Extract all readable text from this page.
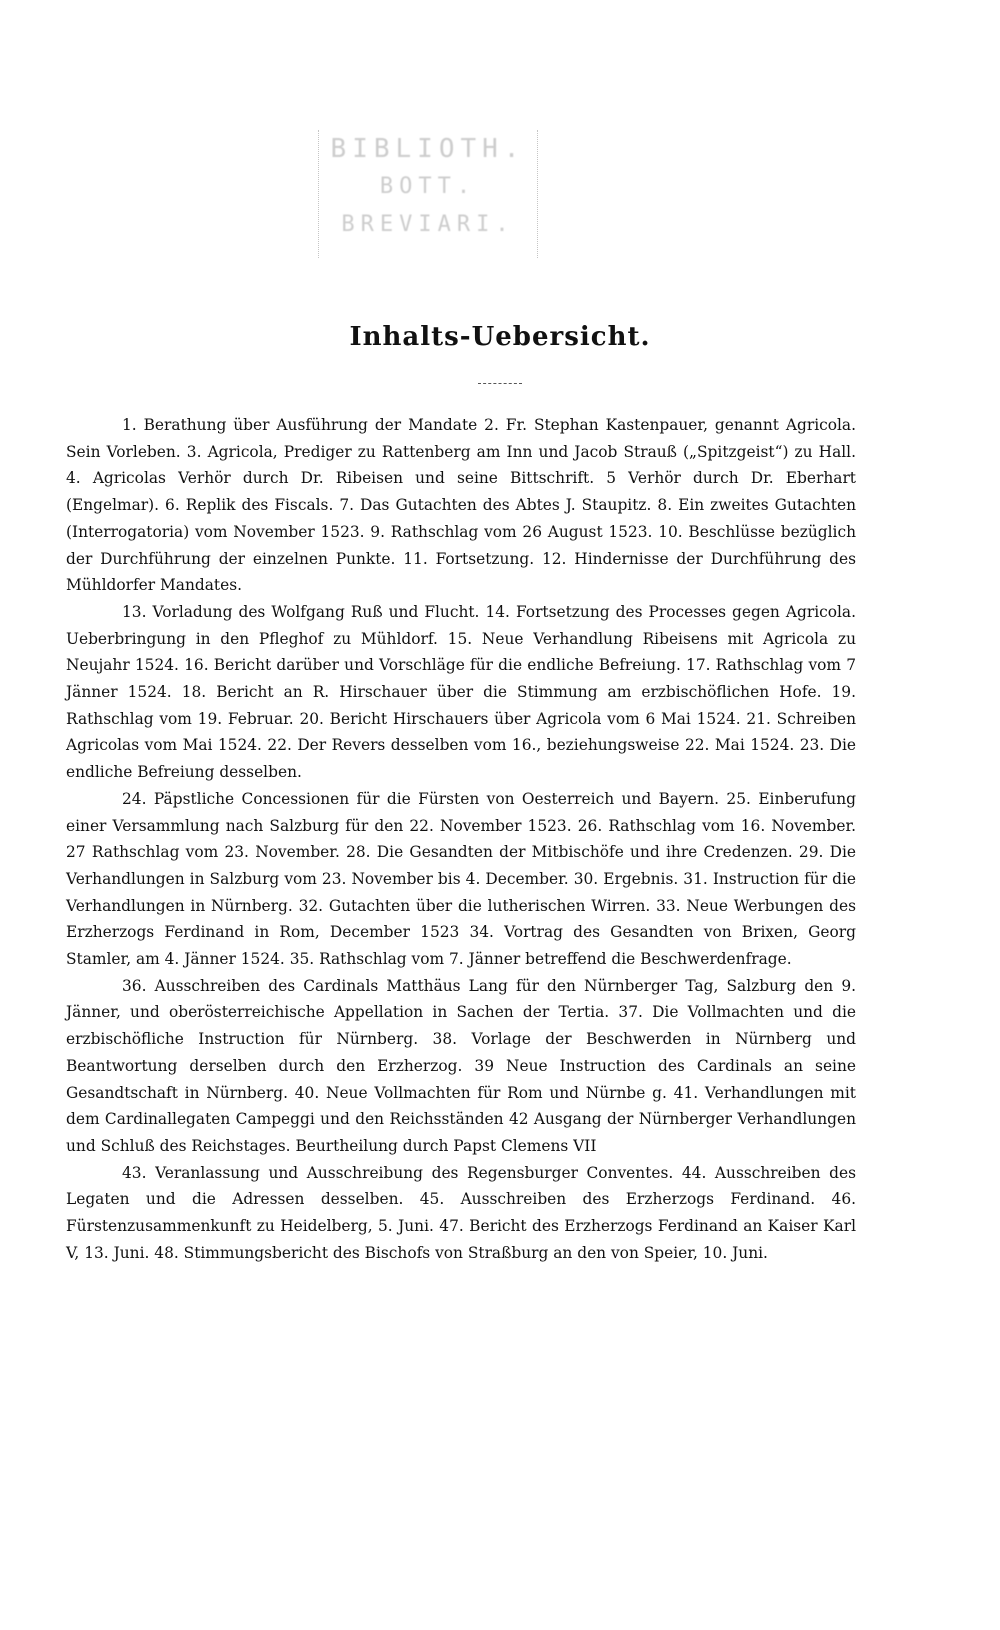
BIBLIOTH.
BOTT.
BREVIARI.
Inhalts-Uebersicht.

1. Berathung über Ausführung der Mandate 2. Fr. Stephan Kastenpauer, genannt Agricola. Sein Vorleben. 3. Agricola, Prediger zu Rattenberg am Inn und Jacob Strauß („Spitzgeist“) zu Hall. 4. Agricolas Verhör durch Dr. Ribeisen und seine Bittschrift. 5 Verhör durch Dr. Eberhart (Engelmar). 6. Replik des Fiscals. 7. Das Gutachten des Abtes J. Staupitz. 8. Ein zweites Gutachten (Interrogatoria) vom November 1523. 9. Rathschlag vom 26 August 1523. 10. Beschlüsse bezüglich der Durchführung der einzelnen Punkte. 11. Fortsetzung. 12. Hindernisse der Durchführung des Mühldorfer Mandates.

13. Vorladung des Wolfgang Ruß und Flucht. 14. Fortsetzung des Processes gegen Agricola. Ueberbringung in den Pfleghof zu Mühldorf. 15. Neue Verhandlung Ribeisens mit Agricola zu Neujahr 1524. 16. Bericht darüber und Vorschläge für die endliche Befreiung. 17. Rathschlag vom 7 Jänner 1524. 18. Bericht an R. Hirschauer über die Stimmung am erzbischöflichen Hofe. 19. Rathschlag vom 19. Februar. 20. Bericht Hirschauers über Agricola vom 6 Mai 1524. 21. Schreiben Agricolas vom Mai 1524. 22. Der Revers desselben vom 16., beziehungsweise 22. Mai 1524. 23. Die endliche Befreiung desselben.

24. Päpstliche Concessionen für die Fürsten von Oesterreich und Bayern. 25. Einberufung einer Versammlung nach Salzburg für den 22. November 1523. 26. Rathschlag vom 16. November. 27 Rathschlag vom 23. November. 28. Die Gesandten der Mitbischöfe und ihre Credenzen. 29. Die Verhandlungen in Salzburg vom 23. November bis 4. December. 30. Ergebnis. 31. Instruction für die Verhandlungen in Nürnberg. 32. Gutachten über die lutherischen Wirren. 33. Neue Werbungen des Erzherzogs Ferdinand in Rom, December 1523 34. Vortrag des Gesandten von Brixen, Georg Stamler, am 4. Jänner 1524. 35. Rathschlag vom 7. Jänner betreffend die Beschwerdenfrage.

36. Ausschreiben des Cardinals Matthäus Lang für den Nürnberger Tag, Salzburg den 9. Jänner, und oberösterreichische Appellation in Sachen der Tertia. 37. Die Vollmachten und die erzbischöfliche Instruction für Nürnberg. 38. Vorlage der Beschwerden in Nürnberg und Beantwortung derselben durch den Erzherzog. 39 Neue Instruction des Cardinals an seine Gesandtschaft in Nürnberg. 40. Neue Vollmachten für Rom und Nürnbe g. 41. Verhandlungen mit dem Cardinallegaten Campeggi und den Reichsständen 42 Ausgang der Nürnberger Verhandlungen und Schluß des Reichstages. Beurtheilung durch Papst Clemens VII

43. Veranlassung und Ausschreibung des Regensburger Conventes. 44. Ausschreiben des Legaten und die Adressen desselben. 45. Ausschreiben des Erzherzogs Ferdinand. 46. Fürstenzusammenkunft zu Heidelberg, 5. Juni. 47. Bericht des Erzherzogs Ferdinand an Kaiser Karl V, 13. Juni. 48. Stimmungsbericht des Bischofs von Straßburg an den von Speier, 10. Juni.
